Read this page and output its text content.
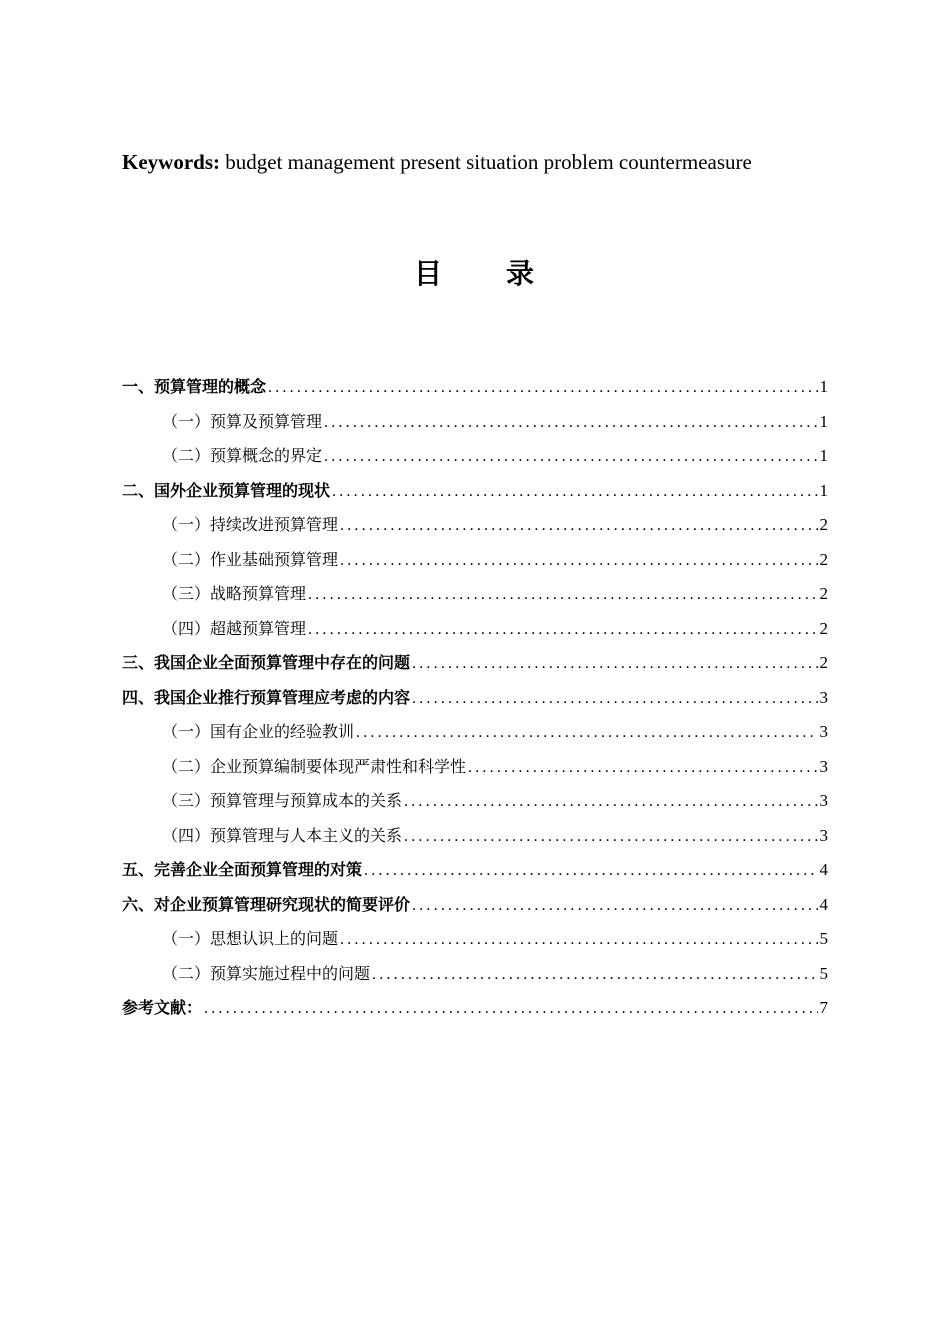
Keywords: budget management present situation problem countermeasure
目 录
一、预算管理的概念 .....	1
（一）预算及预算管理 .....	1
（二）预算概念的界定 .....	1
二、国外企业预算管理的现状 .....	1
（一）持续改进预算管理 .....	2
（二）作业基础预算管理 .....	2
（三）战略预算管理 .....	2
（四）超越预算管理 .....	2
三、我国企业全面预算管理中存在的问题 .....	2
四、我国企业推行预算管理应考虑的内容 .....	3
（一）国有企业的经验教训 .....	3
（二）企业预算编制要体现严肃性和科学性 .....	3
（三）预算管理与预算成本的关系 .....	3
（四）预算管理与人本主义的关系 .....	3
五、完善企业全面预算管理的对策 .....	4
六、对企业预算管理研究现状的简要评价 .....	4
（一）思想认识上的问题 .....	5
（二）预算实施过程中的问题 .....	5
参考文献： .....	7
